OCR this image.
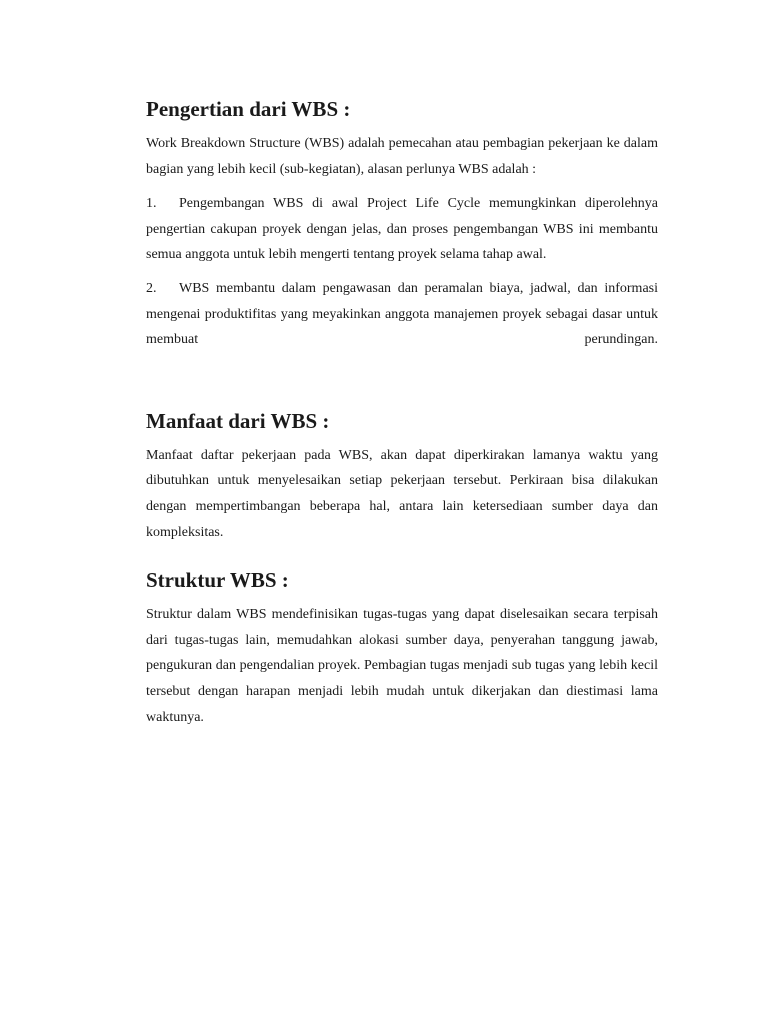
Pengertian dari WBS :

Work Breakdown Structure (WBS) adalah pemecahan atau pembagian pekerjaan ke dalam bagian yang lebih kecil (sub-kegiatan), alasan perlunya WBS adalah :

1. Pengembangan WBS di awal Project Life Cycle memungkinkan diperolehnya pengertian cakupan proyek dengan jelas, dan proses pengembangan WBS ini membantu semua anggota untuk lebih mengerti tentang proyek selama tahap awal.

2. WBS membantu dalam pengawasan dan peramalan biaya, jadwal, dan informasi mengenai produktifitas yang meyakinkan anggota manajemen proyek sebagai dasar untuk membuat perundingan.

Manfaat dari WBS :

Manfaat daftar pekerjaan pada WBS, akan dapat diperkirakan lamanya waktu yang dibutuhkan untuk menyelesaikan setiap pekerjaan tersebut. Perkiraan bisa dilakukan dengan mempertimbangan beberapa hal, antara lain ketersediaan sumber daya dan kompleksitas.

Struktur WBS :

Struktur dalam WBS mendefinisikan tugas-tugas yang dapat diselesaikan secara terpisah dari tugas-tugas lain, memudahkan alokasi sumber daya, penyerahan tanggung jawab, pengukuran dan pengendalian proyek. Pembagian tugas menjadi sub tugas yang lebih kecil tersebut dengan harapan menjadi lebih mudah untuk dikerjakan dan diestimasi lama waktunya.
